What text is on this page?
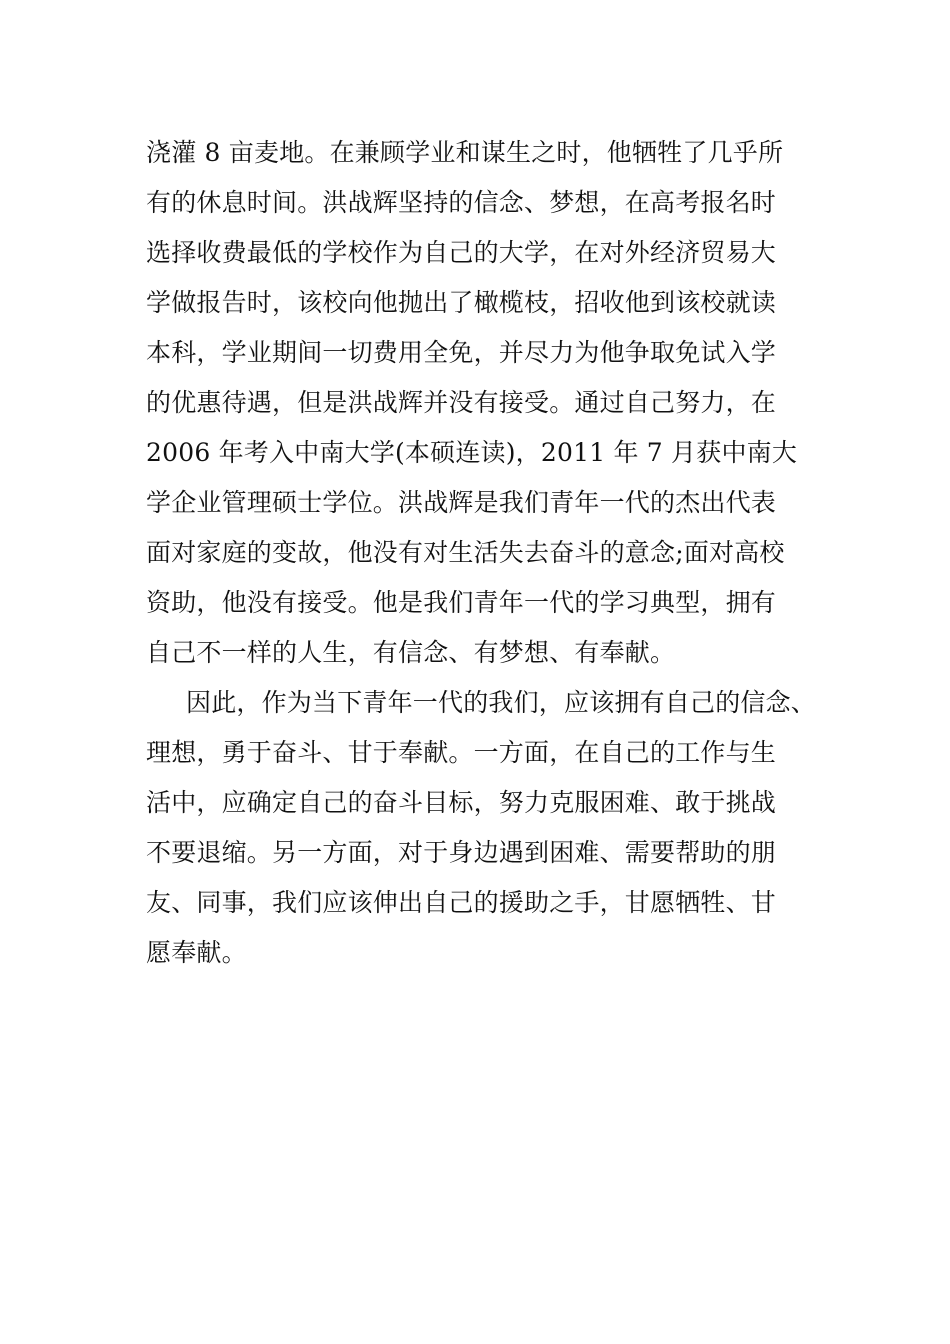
浇灌 8 亩麦地。在兼顾学业和谋生之时，他牺牲了几乎所
有的休息时间。洪战辉坚持的信念、梦想，在高考报名时
选择收费最低的学校作为自己的大学，在对外经济贸易大
学做报告时，该校向他抛出了橄榄枝，招收他到该校就读
本科，学业期间一切费用全免，并尽力为他争取免试入学
的优惠待遇，但是洪战辉并没有接受。通过自己努力，在
2006 年考入中南大学(本硕连读)，2011 年 7 月获中南大
学企业管理硕士学位。洪战辉是我们青年一代的杰出代表
面对家庭的变故，他没有对生活失去奋斗的意念;面对高校
资助，他没有接受。他是我们青年一代的学习典型，拥有
自己不一样的人生，有信念、有梦想、有奉献。
因此，作为当下青年一代的我们，应该拥有自己的信念、
理想，勇于奋斗、甘于奉献。一方面，在自己的工作与生
活中，应确定自己的奋斗目标，努力克服困难、敢于挑战
不要退缩。另一方面，对于身边遇到困难、需要帮助的朋
友、同事，我们应该伸出自己的援助之手，甘愿牺牲、甘
愿奉献。
